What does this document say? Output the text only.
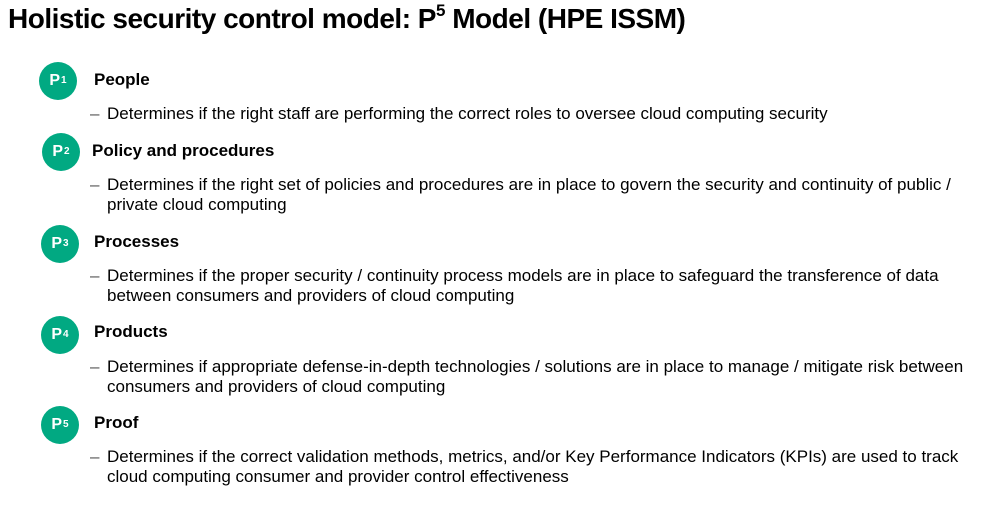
Holistic security control model: $P^5$ Model (HPE ISSM)
P 1 People
– Determines if the right staff are performing the correct roles to oversee cloud computing security
P 2 Policy and procedures
– Determines if the right set of policies and procedures are in place to govern the security and continuity of public / private cloud computing
P 3 Processes
– Determines if the proper security / continuity process models are in place to safeguard the transference of data between consumers and providers of cloud computing
P 4 Products
– Determines if appropriate defense-in-depth technologies / solutions are in place to manage / mitigate risk between consumers and providers of cloud computing
P 5 Proof
– Determines if the correct validation methods, metrics, and/or Key Performance Indicators (KPIs) are used to track cloud computing consumer and provider control effectiveness
